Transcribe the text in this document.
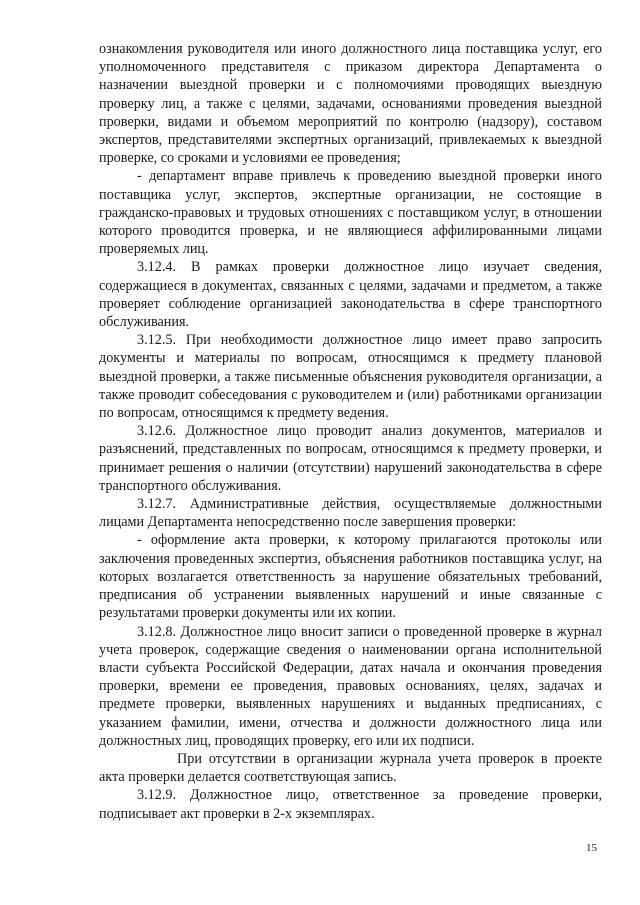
ознакомления руководителя или иного должностного лица поставщика услуг, его уполномоченного представителя с приказом директора Департамента о назначении выездной проверки и с полномочиями проводящих выездную проверку лиц, а также с целями, задачами, основаниями проведения выездной проверки, видами и объемом мероприятий по контролю (надзору), составом экспертов, представителями экспертных организаций, привлекаемых к выездной проверке, со сроками и условиями ее проведения;

- департамент вправе привлечь к проведению выездной проверки иного поставщика услуг, экспертов, экспертные организации, не состоящие в гражданско-правовых и трудовых отношениях с поставщиком услуг, в отношении которого проводится проверка, и не являющиеся аффилированными лицами проверяемых лиц.

3.12.4. В рамках проверки должностное лицо изучает сведения, содержащиеся в документах, связанных с целями, задачами и предметом, а также проверяет соблюдение организацией законодательства в сфере транспортного обслуживания.

3.12.5. При необходимости должностное лицо имеет право запросить документы и материалы по вопросам, относящимся к предмету плановой выездной проверки, а также письменные объяснения руководителя организации, а также проводит собеседования с руководителем и (или) работниками организации по вопросам, относящимся к предмету ведения.

3.12.6. Должностное лицо проводит анализ документов, материалов и разъяснений, представленных по вопросам, относящимся к предмету проверки, и принимает решения о наличии (отсутствии) нарушений законодательства в сфере транспортного обслуживания.

3.12.7. Административные действия, осуществляемые должностными лицами Департамента непосредственно после завершения проверки:

- оформление акта проверки, к которому прилагаются протоколы или заключения проведенных экспертиз, объяснения работников поставщика услуг, на которых возлагается ответственность за нарушение обязательных требований, предписания об устранении выявленных нарушений и иные связанные с результатами проверки документы или их копии.

3.12.8. Должностное лицо вносит записи о проведенной проверке в журнал учета проверок, содержащие сведения о наименовании органа исполнительной власти субъекта Российской Федерации, датах начала и окончания проведения проверки, времени ее проведения, правовых основаниях, целях, задачах и предмете проверки, выявленных нарушениях и выданных предписаниях, с указанием фамилии, имени, отчества и должности должностного лица или должностных лиц, проводящих проверку, его или их подписи.

При отсутствии в организации журнала учета проверок в проекте акта проверки делается соответствующая запись.

3.12.9. Должностное лицо, ответственное за проведение проверки, подписывает акт проверки в 2-х экземплярах.

15
